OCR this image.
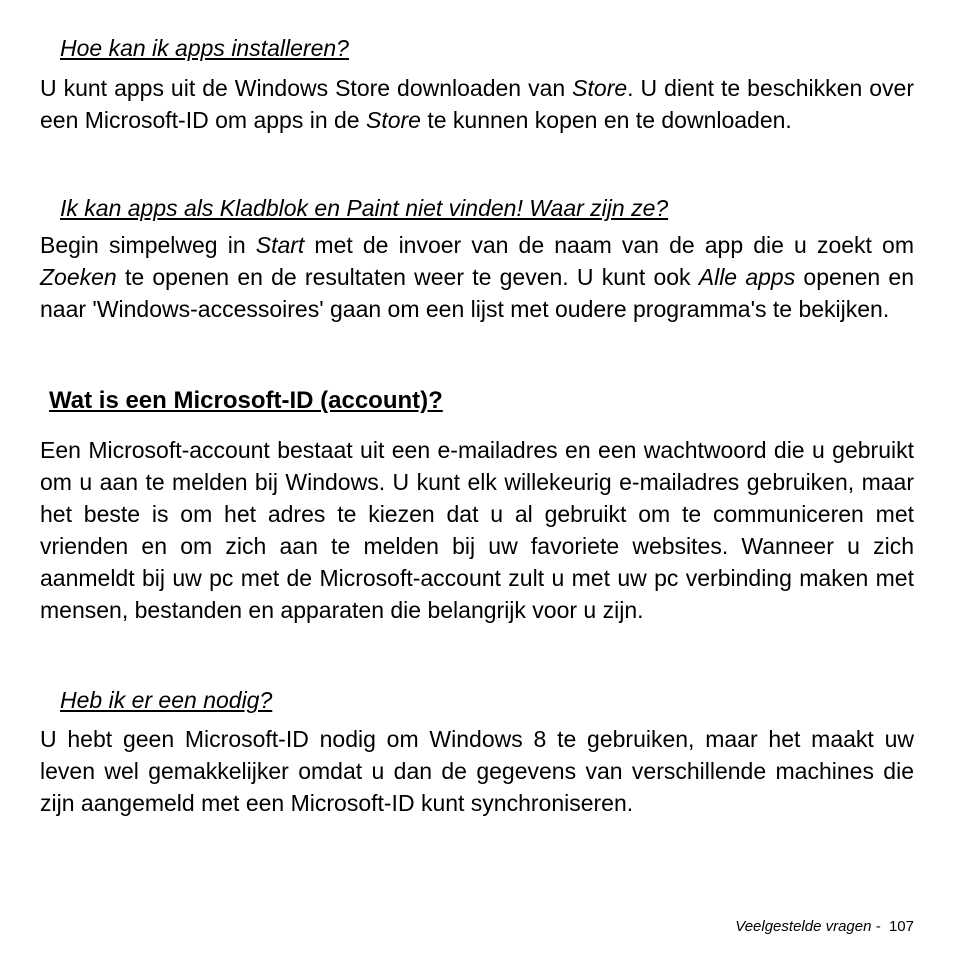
Hoe kan ik apps installeren?

U kunt apps uit de Windows Store downloaden van Store. U dient te beschikken over een Microsoft-ID om apps in de Store te kunnen kopen en te downloaden.

Ik kan apps als Kladblok en Paint niet vinden! Waar zijn ze?

Begin simpelweg in Start met de invoer van de naam van de app die u zoekt om Zoeken te openen en de resultaten weer te geven. U kunt ook Alle apps openen en naar 'Windows-accessoires' gaan om een lijst met oudere programma's te bekijken.

Wat is een Microsoft-ID (account)?

Een Microsoft-account bestaat uit een e-mailadres en een wachtwoord die u gebruikt om u aan te melden bij Windows. U kunt elk willekeurig e-mailadres gebruiken, maar het beste is om het adres te kiezen dat u al gebruikt om te communiceren met vrienden en om zich aan te melden bij uw favoriete websites. Wanneer u zich aanmeldt bij uw pc met de Microsoft-account zult u met uw pc verbinding maken met mensen, bestanden en apparaten die belangrijk voor u zijn.

Heb ik er een nodig?

U hebt geen Microsoft-ID nodig om Windows 8 te gebruiken, maar het maakt uw leven wel gemakkelijker omdat u dan de gegevens van verschillende machines die zijn aangemeld met een Microsoft-ID kunt synchroniseren.

Veelgestelde vragen - 107
